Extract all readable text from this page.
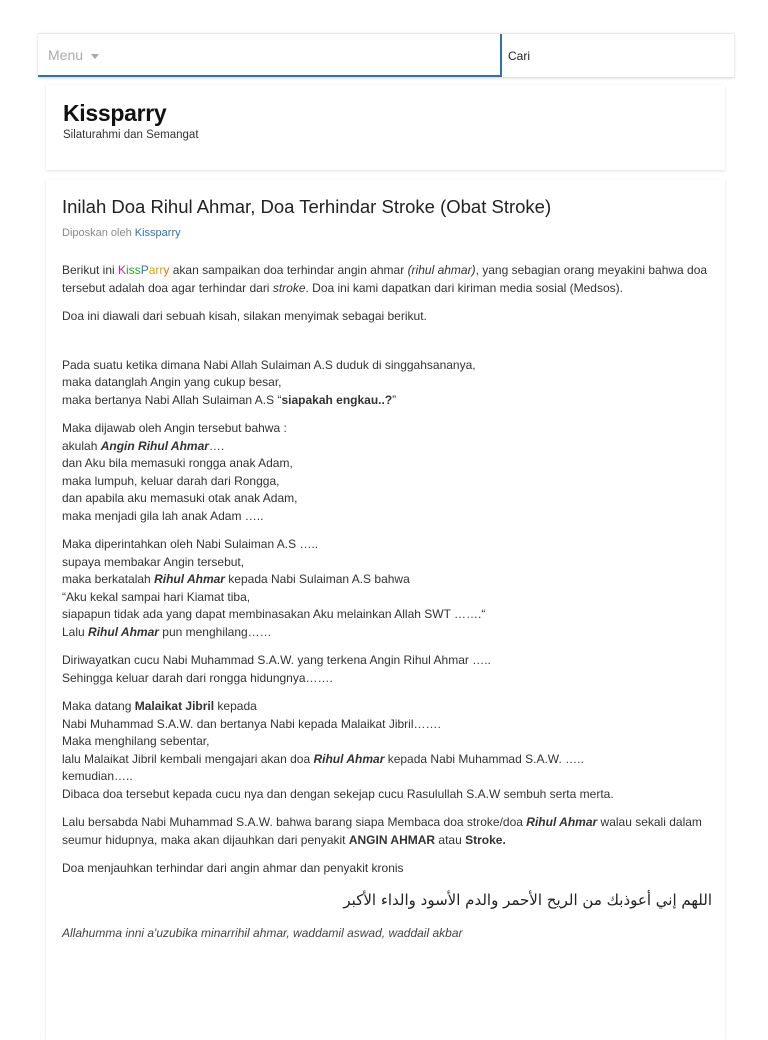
Menu
Cari
Kissparry
Silaturahmi dan Semangat
Inilah Doa Rihul Ahmar, Doa Terhindar Stroke (Obat Stroke)
Diposkan oleh Kissparry

Berikut ini KissParry akan sampaikan doa terhindar angin ahmar (rihul ahmar), yang sebagian orang meyakini bahwa doa tersebut adalah doa agar terhindar dari stroke. Doa ini kami dapatkan dari kiriman media sosial (Medsos).

Doa ini diawali dari sebuah kisah, silakan menyimak sebagai berikut.

Pada suatu ketika dimana Nabi Allah Sulaiman A.S duduk di singgahsananya,
maka datanglah Angin yang cukup besar,
maka bertanya Nabi Allah Sulaiman A.S “siapakah engkau..?”

Maka dijawab oleh Angin tersebut bahwa :
akulah Angin Rihul Ahmar….
dan Aku bila memasuki rongga anak Adam,
maka lumpuh, keluar darah dari Rongga,
dan apabila aku memasuki otak anak Adam,
maka menjadi gila lah anak Adam …..

Maka diperintahkan oleh Nabi Sulaiman A.S …..
supaya membakar Angin tersebut,
maka berkatalah Rihul Ahmar kepada Nabi Sulaiman A.S bahwa
“Aku kekal sampai hari Kiamat tiba,
siapapun tidak ada yang dapat membinasakan Aku melainkan Allah SWT …….“
Lalu Rihul Ahmar pun menghilang……

Diriwayatkan cucu Nabi Muhammad S.A.W. yang terkena Angin Rihul Ahmar …..
Sehingga keluar darah dari rongga hidungnya…….

Maka datang Malaikat Jibril kepada
Nabi Muhammad S.A.W. dan bertanya Nabi kepada Malaikat Jibril…….
Maka menghilang sebentar,
lalu Malaikat Jibril kembali mengajari akan doa Rihul Ahmar kepada Nabi Muhammad S.A.W. …..
kemudian…..
Dibaca doa tersebut kepada cucu nya dan dengan sekejap cucu Rasulullah S.A.W sembuh serta merta.

Lalu bersabda Nabi Muhammad S.A.W. bahwa barang siapa Membaca doa stroke/doa Rihul Ahmar walau sekali dalam seumur hidupnya, maka akan dijauhkan dari penyakit ANGIN AHMAR atau Stroke.

Doa menjauhkan terhindar dari angin ahmar dan penyakit kronis

اللهم إني أعوذبك من الريح الأحمر والدم الأسود والداء الأكبر

Allahumma inni a'uzubika minarrihil ahmar, waddamil aswad, waddail akbar
